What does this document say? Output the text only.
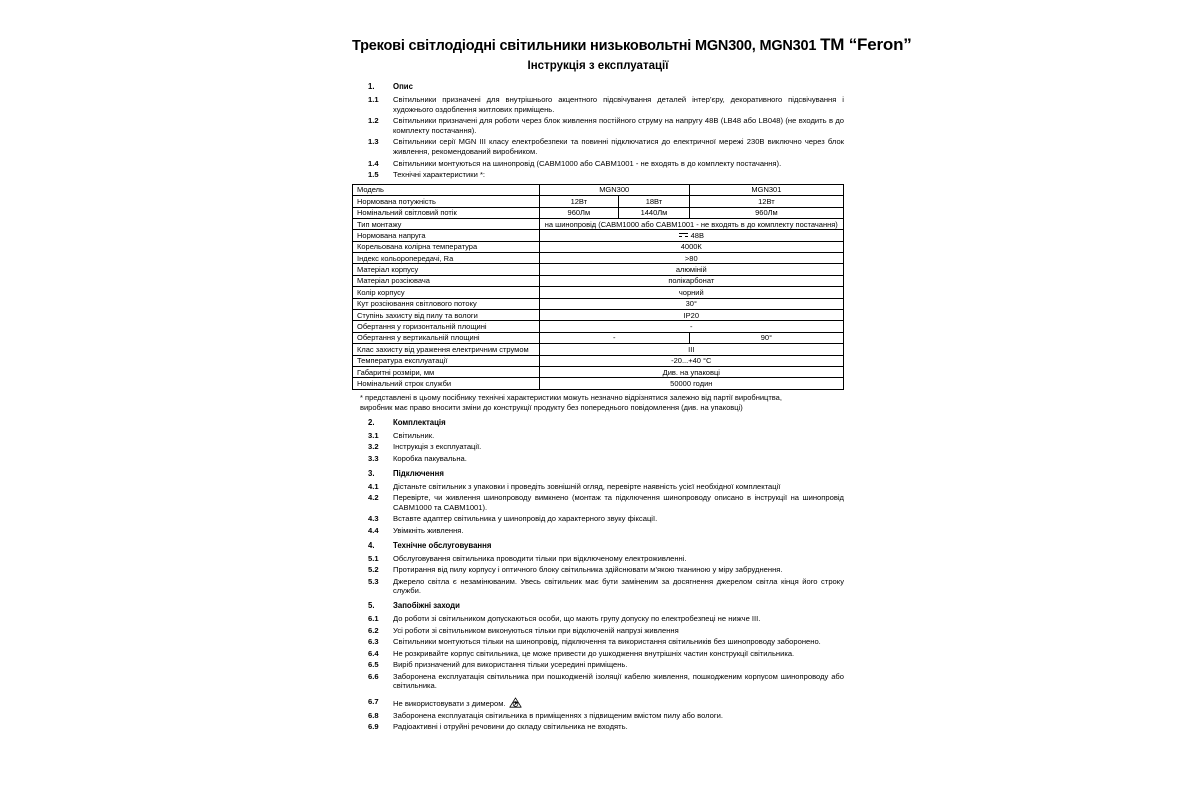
Трекові світлодіодні світильники низьковольтні MGN300, MGN301 ТМ “Feron”
Інструкція з експлуатації
1.	Опис
1.1	Світильники призначені для внутрішнього акцентного підсвічування деталей інтер’єру, декоративного підсвічування і художнього оздоблення житлових приміщень.
1.2	Світильники призначені для роботи через блок живлення постійного струму на напругу 48В (LB48 або LB048) (не входить в до комплекту постачання).
1.3	Світильники серії MGN III класу електробезпеки та повинні підключатися до електричної мережі 230В виключно через блок живлення, рекомендований виробником.
1.4	Світильники монтуються на шинопровід (CABM1000 або CABM1001 - не входять в до комплекту постачання).
1.5	Технічні характеристики *:
Модель	MGN300		MGN301
Нормована потужність	12Вт	18Вт	12Вт
Номінальний світловий потік	960Лм	1440Лм	960Лм
Тип монтажу	на шинопровід (CABM1000 або CABM1001 - не входять в до комплекту постачання)		
Нормована напруга	48В		
Корельована колірна температура	4000К		
Індекс кольоропередачі, Ra	>80		
Матеріал корпусу	алюміній		
Матеріал розсіювача	полікарбонат		
Колір корпусу	чорний		
Кут розсіювання світлового потоку	30°		
Ступінь захисту від пилу та вологи	IP20		
Обертання у горизонтальній площині	-		
Обертання у вертикальній площині	-		90°
Клас захисту від ураження електричним струмом	III		
Температура експлуатації	-20...+40 °C		
Габаритні розміри, мм	Див. на упаковці		
Номінальний строк служби	50000 годин		
* представлені в цьому посібнику технічні характеристики можуть незначно відрізнятися залежно від партії виробництва,
виробник має право вносити зміни до конструкції продукту без попереднього повідомлення (див. на упаковці)
2.	Комплектація
3.1	Світильник.
3.2	Інструкція з експлуатації.
3.3	Коробка пакувальна.
3.	Підключення
4.1	Дістаньте світильник з упаковки і проведіть зовнішній огляд, перевірте наявність усієї необхідної комплектації
4.2	Перевірте, чи живлення шинопроводу вимкнено (монтаж та підключення шинопроводу описано в інструкції на шинопровід CABM1000 та CABM1001).
4.3	Вставте адаптер світильника у шинопровід до характерного звуку фіксації.
4.4	Увімкніть живлення.
4.	Технічне обслуговування
5.1	Обслуговування світильника проводити тільки при відключеному електроживленні.
5.2	Протирання від пилу корпусу і оптичного блоку світильника здійснювати м’якою тканиною у міру забруднення.
5.3	Джерело світла є незамінюваним. Увесь світильник має бути заміненим за досягнення джерелом світла кінця його строку служби.
5.	Запобіжні заходи
6.1	До роботи зі світильником допускаються особи, що мають групу допуску по електробезпеці не нижче III.
6.2	Усі роботи зі світильником виконуються тільки при відключеній напрузі живлення
6.3	Світильники монтуються тільки на шинопровід, підключення та використання світильників без шинопроводу заборонено.
6.4	Не розкривайте корпус світильника, це може привести до ушкодження внутрішніх частин конструкції світильника.
6.5	Виріб призначений для використання тільки усередині приміщень.
6.6	Заборонена експлуатація світильника при пошкодженій ізоляції кабелю живлення, пошкодженим корпусом шинопроводу або світильника.
6.7	Не використовувати з димером.
6.8	Заборонена експлуатація світильника в приміщеннях з підвищеним вмістом пилу або вологи.
6.9	Радіоактивні і отруйні речовини до складу світильника не входять.
